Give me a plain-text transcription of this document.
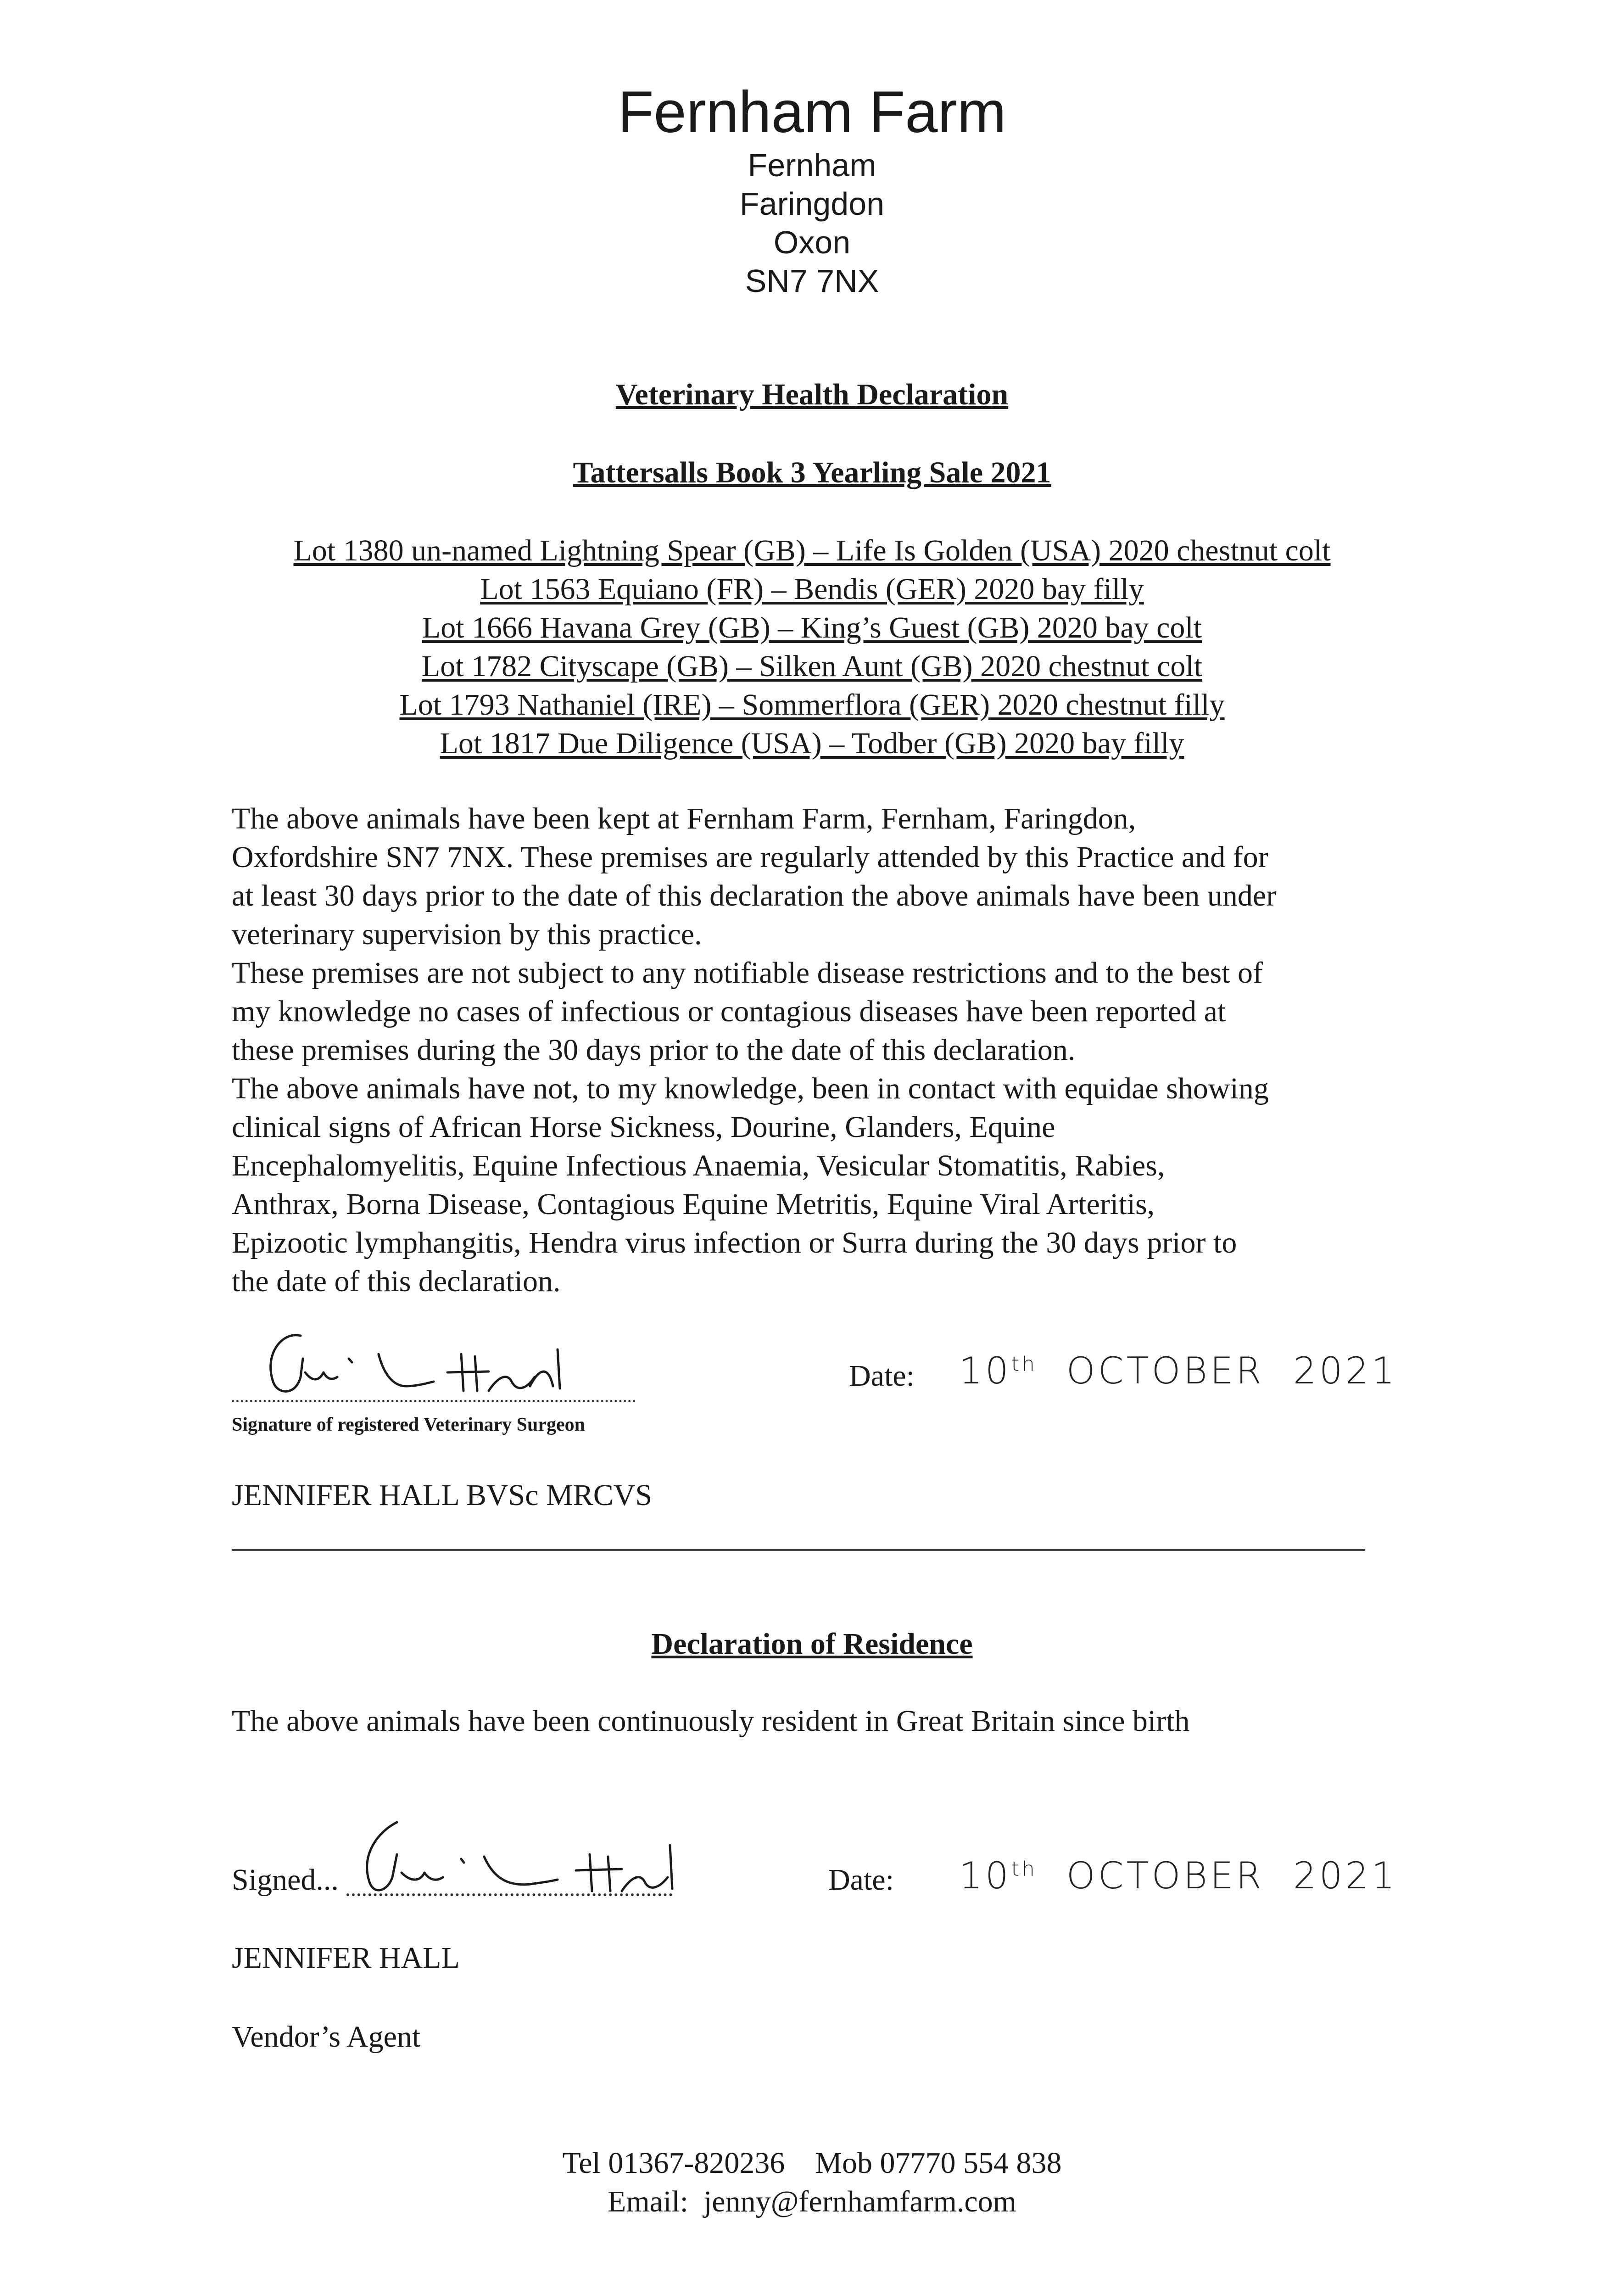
Fernham Farm
Fernham
Faringdon
Oxon
SN7 7NX
Veterinary Health Declaration
Tattersalls Book 3 Yearling Sale 2021
Lot 1380 un-named Lightning Spear (GB) – Life Is Golden (USA) 2020 chestnut colt
Lot 1563 Equiano (FR) – Bendis (GER) 2020 bay filly
Lot 1666 Havana Grey (GB) – King’s Guest (GB) 2020 bay colt
Lot 1782 Cityscape (GB) – Silken Aunt (GB) 2020 chestnut colt
Lot 1793 Nathaniel (IRE) – Sommerflora (GER) 2020 chestnut filly
Lot 1817 Due Diligence (USA) – Todber (GB) 2020 bay filly
The above animals have been kept at Fernham Farm, Fernham, Faringdon,
Oxfordshire SN7 7NX. These premises are regularly attended by this Practice and for
at least 30 days prior to the date of this declaration the above animals have been under
veterinary supervision by this practice.
These premises are not subject to any notifiable disease restrictions and to the best of
my knowledge no cases of infectious or contagious diseases have been reported at
these premises during the 30 days prior to the date of this declaration.
The above animals have not, to my knowledge, been in contact with equidae showing
clinical signs of African Horse Sickness, Dourine, Glanders, Equine
Encephalomyelitis, Equine Infectious Anaemia, Vesicular Stomatitis, Rabies,
Anthrax, Borna Disease, Contagious Equine Metritis, Equine Viral Arteritis,
Epizootic lymphangitis, Hendra virus infection or Surra during the 30 days prior to
the date of this declaration.
Signature of registered Veterinary Surgeon
Date: 10th OCTOBER 2021
JENNIFER HALL BVSc MRCVS
Declaration of Residence
The above animals have been continuously resident in Great Britain since birth
Signed...	Date: 10th OCTOBER 2021
JENNIFER HALL
Vendor’s Agent
Tel 01367-820236    Mob 07770 554 838
Email:  jenny@fernhamfarm.com
